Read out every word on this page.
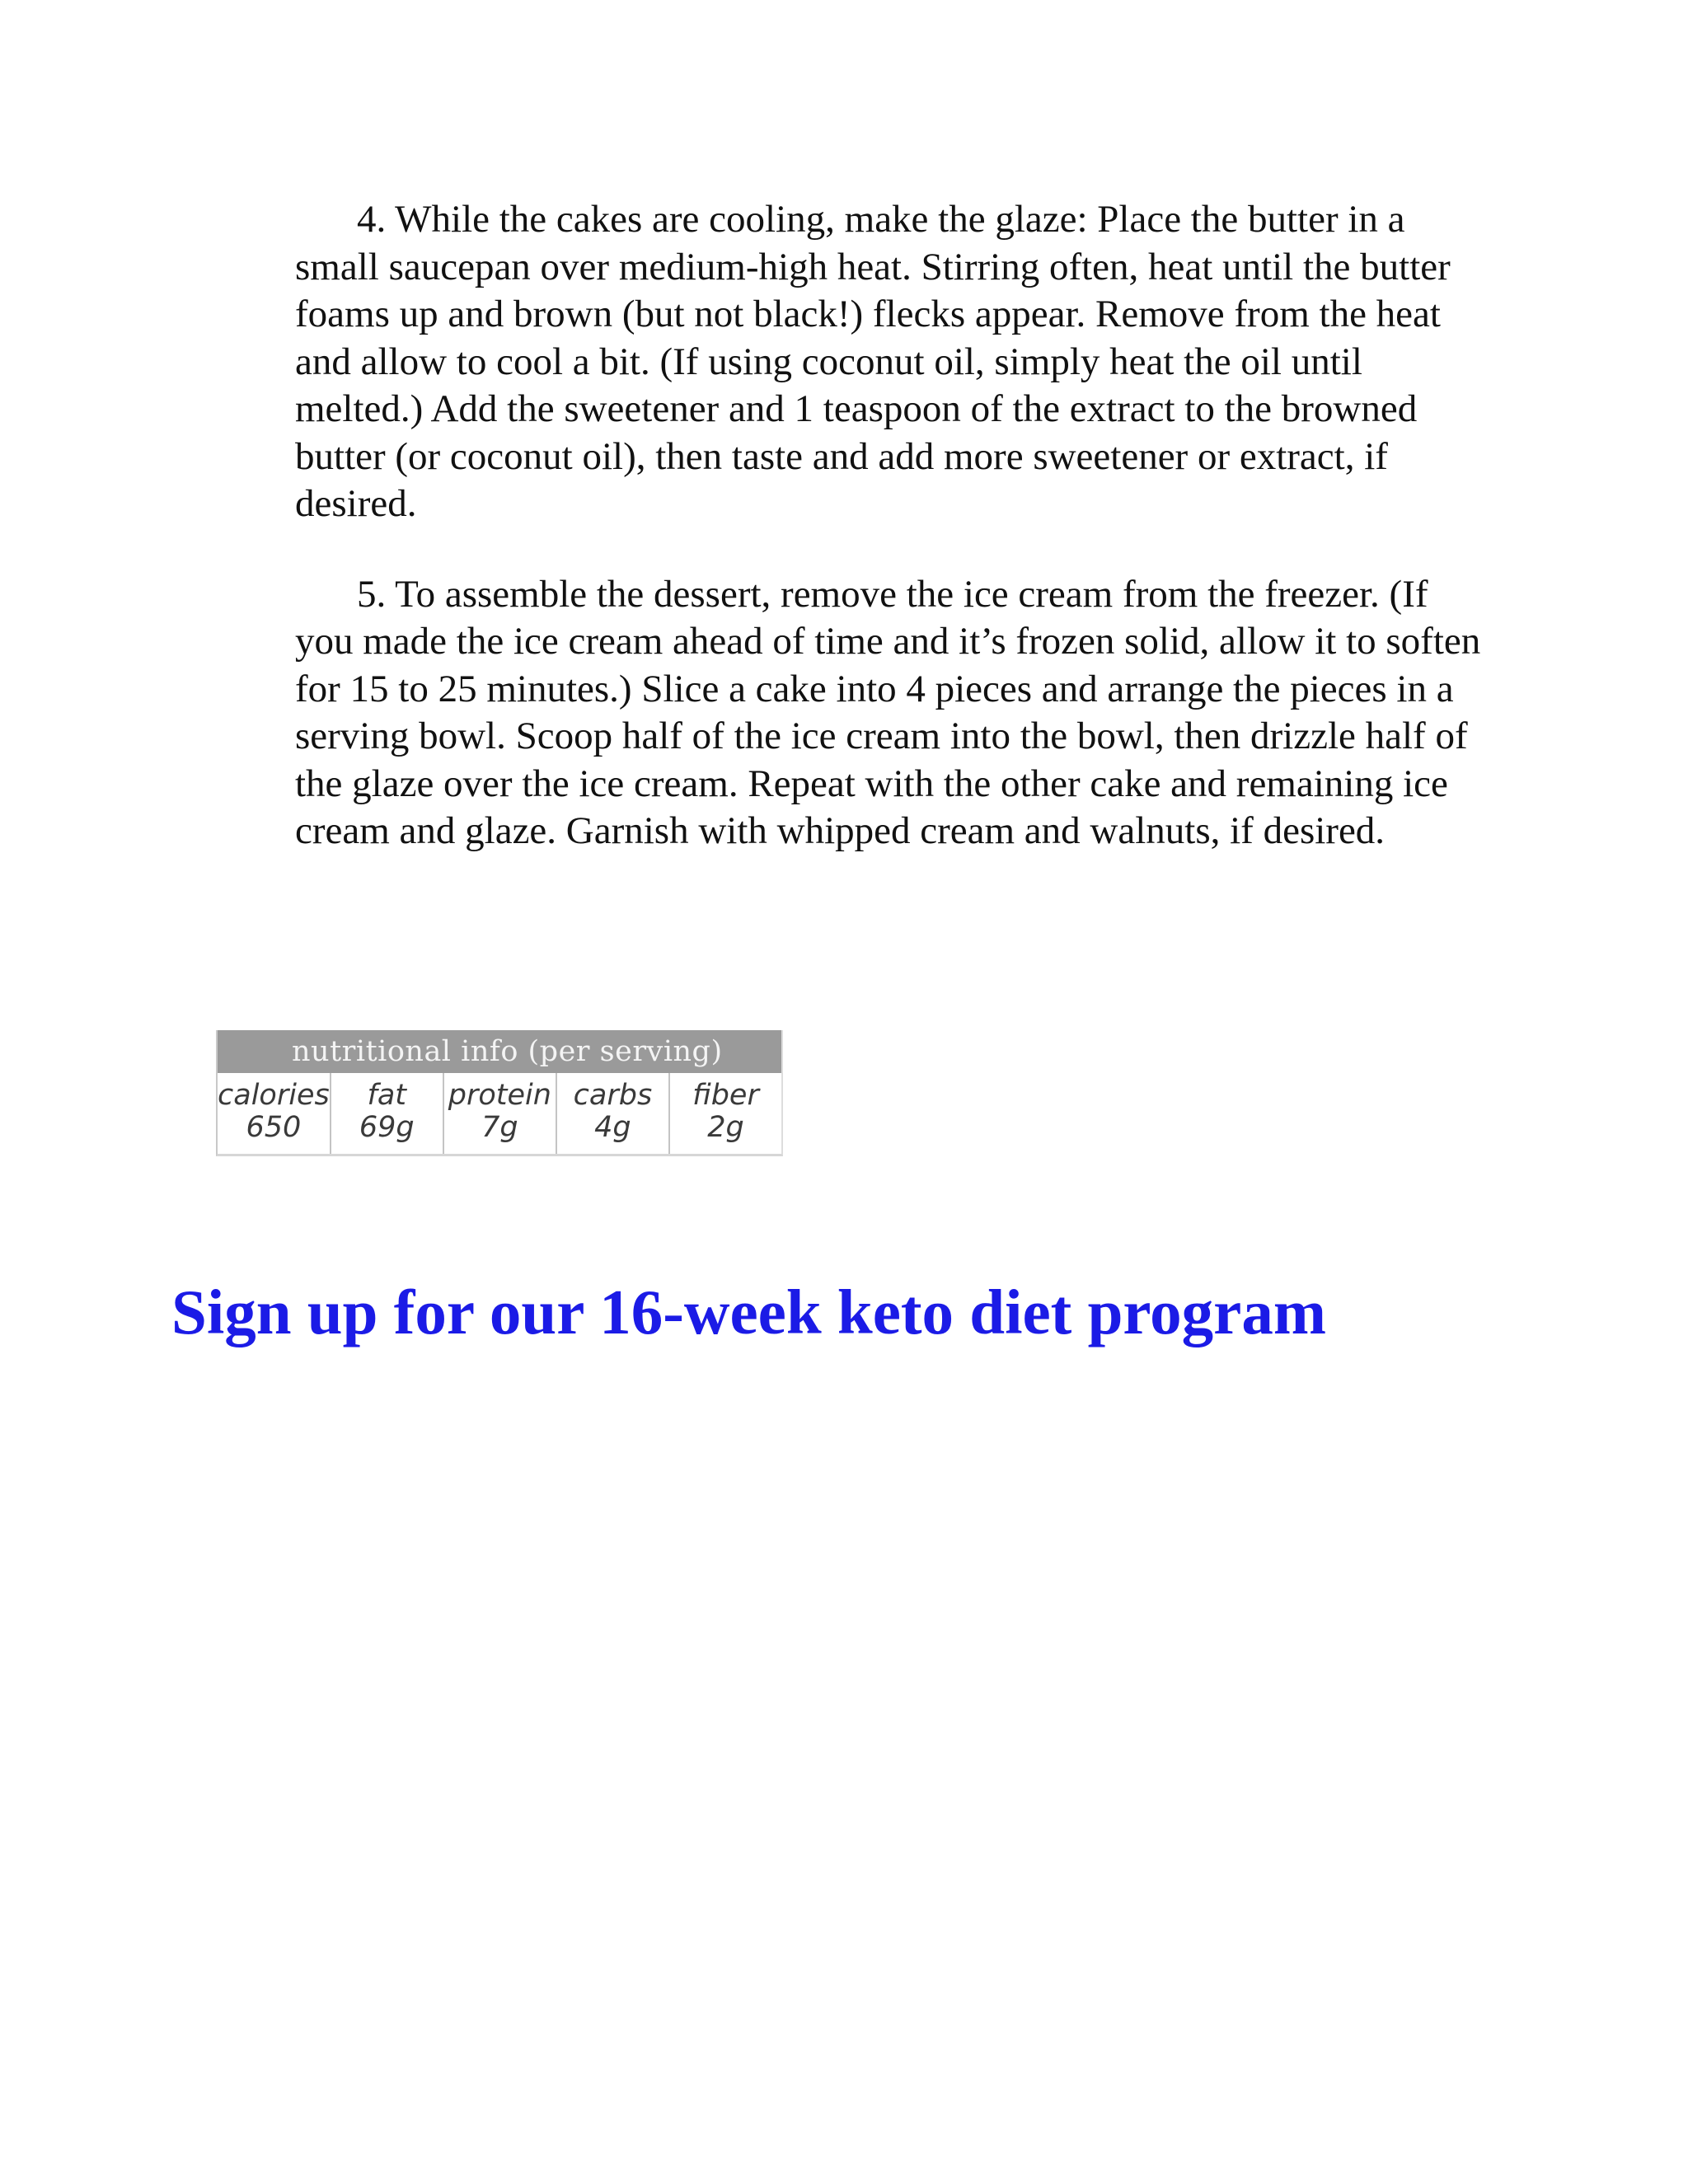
4. While the cakes are cooling, make the glaze: Place the butter in a small saucepan over medium-high heat. Stirring often, heat until the butter foams up and brown (but not black!) flecks appear. Remove from the heat and allow to cool a bit. (If using coconut oil, simply heat the oil until melted.) Add the sweetener and 1 teaspoon of the extract to the browned butter (or coconut oil), then taste and add more sweetener or extract, if desired.

5. To assemble the dessert, remove the ice cream from the freezer. (If you made the ice cream ahead of time and it’s frozen solid, allow it to soften for 15 to 25 minutes.) Slice a cake into 4 pieces and arrange the pieces in a serving bowl. Scoop half of the ice cream into the bowl, then drizzle half of the glaze over the ice cream. Repeat with the other cake and remaining ice cream and glaze. Garnish with whipped cream and walnuts, if desired.

nutritional info (per serving)
calories
650
fat
69g
protein
7g
carbs
4g
fiber
2g
Sign up for our 16-week keto diet program
